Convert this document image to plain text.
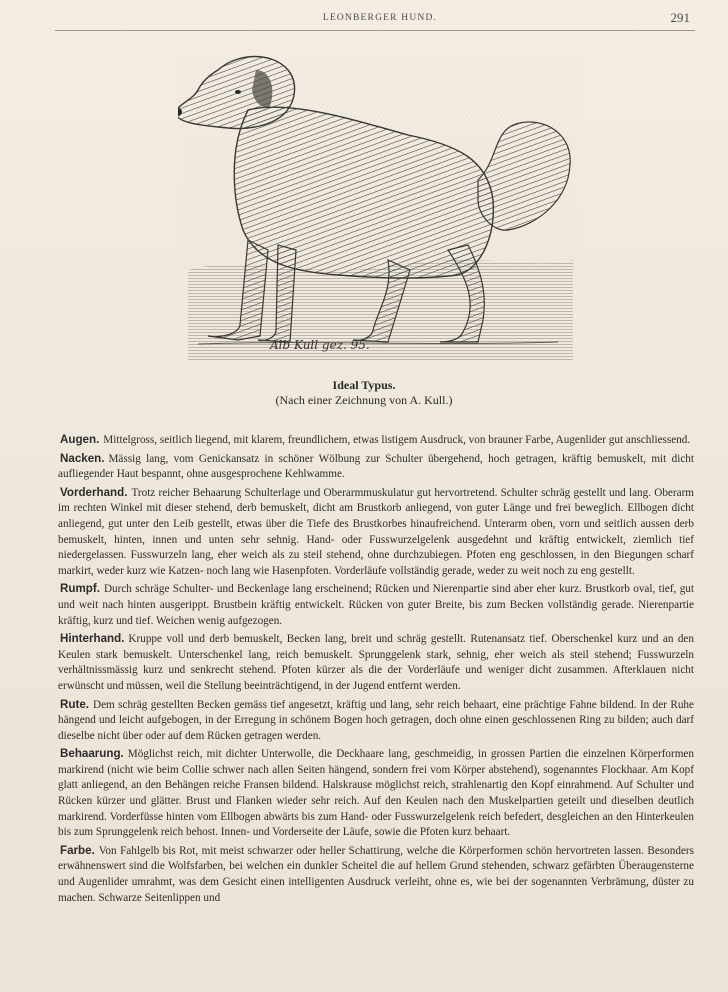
LEONBERGER HUND.	291
Alb Kull gez. 95.
Ideal Typus.
(Nach einer Zeichnung von A. Kull.)

Augen. Mittelgross, seitlich liegend, mit klarem, freundlichem, etwas listigem Ausdruck, von brauner Farbe, Augenlider gut anschliessend.

Nacken. Mässig lang, vom Genickansatz in schöner Wölbung zur Schulter übergehend, hoch getragen, kräftig bemuskelt, mit dicht aufliegender Haut bespannt, ohne ausgesprochene Kehlwamme.

Vorderhand. Trotz reicher Behaarung Schulterlage und Oberarmmuskulatur gut hervortretend. Schulter schräg gestellt und lang. Oberarm im rechten Winkel mit dieser stehend, derb bemuskelt, dicht am Brustkorb anliegend, von guter Länge und frei beweglich. Ellbogen dicht anliegend, gut unter den Leib gestellt, etwas über die Tiefe des Brustkorbes hinaufreichend. Unterarm oben, vorn und seitlich aussen derb bemuskelt, hinten, innen und unten sehr sehnig. Hand- oder Fusswurzelgelenk ausgedehnt und kräftig entwickelt, ziemlich tief niedergelassen. Fusswurzeln lang, eher weich als zu steil stehend, ohne durchzubiegen. Pfoten eng geschlossen, in den Biegungen scharf markirt, weder kurz wie Katzen- noch lang wie Hasenpfoten. Vorderläufe vollständig gerade, weder zu weit noch zu eng gestellt.

Rumpf. Durch schräge Schulter- und Beckenlage lang erscheinend; Rücken und Nierenpartie sind aber eher kurz. Brustkorb oval, tief, gut und weit nach hinten ausgerippt. Brustbein kräftig entwickelt. Rücken von guter Breite, bis zum Becken vollständig gerade. Nierenpartie kräftig, kurz und tief. Weichen wenig aufgezogen.

Hinterhand. Kruppe voll und derb bemuskelt, Becken lang, breit und schräg gestellt. Rutenansatz tief. Oberschenkel kurz und an den Keulen stark bemuskelt. Unterschenkel lang, reich bemuskelt. Sprunggelenk stark, sehnig, eher weich als steil stehend; Fusswurzeln verhältnissmässig kurz und senkrecht stehend. Pfoten kürzer als die der Vorderläufe und weniger dicht zusammen. Afterklauen nicht erwünscht und müssen, weil die Stellung beeinträchtigend, in der Jugend entfernt werden.

Rute. Dem schräg gestellten Becken gemäss tief angesetzt, kräftig und lang, sehr reich behaart, eine prächtige Fahne bildend. In der Ruhe hängend und leicht aufgebogen, in der Erregung in schönem Bogen hoch getragen, doch ohne einen geschlossenen Ring zu bilden; auch darf dieselbe nicht über oder auf dem Rücken getragen werden.

Behaarung. Möglichst reich, mit dichter Unterwolle, die Deckhaare lang, geschmeidig, in grossen Partien die einzelnen Körperformen markirend (nicht wie beim Collie schwer nach allen Seiten hängend, sondern frei vom Körper abstehend), sogenanntes Flockhaar. Am Kopf glatt anliegend, an den Behängen reiche Fransen bildend. Halskrause möglichst reich, strahlenartig den Kopf einrahmend. Auf Schulter und Rücken kürzer und glätter. Brust und Flanken wieder sehr reich. Auf den Keulen nach den Muskelpartien geteilt und dieselben deutlich markirend. Vorderfüsse hinten vom Ellbogen abwärts bis zum Hand- oder Fusswurzelgelenk reich befedert, desgleichen an den Hinterkeulen bis zum Sprunggelenk reich behost. Innen- und Vorderseite der Läufe, sowie die Pfoten kurz behaart.

Farbe. Von Fahlgelb bis Rot, mit meist schwarzer oder heller Schattirung, welche die Körperformen schön hervortreten lassen. Besonders erwähnenswert sind die Wolfsfarben, bei welchen ein dunkler Scheitel die auf hellem Grund stehenden, schwarz gefärbten Überaugensterne und Augenlider umrahmt, was dem Gesicht einen intelligenten Ausdruck verleiht, ohne es, wie bei der sogenannten Verbrämung, düster zu machen. Schwarze Seitenlippen und
